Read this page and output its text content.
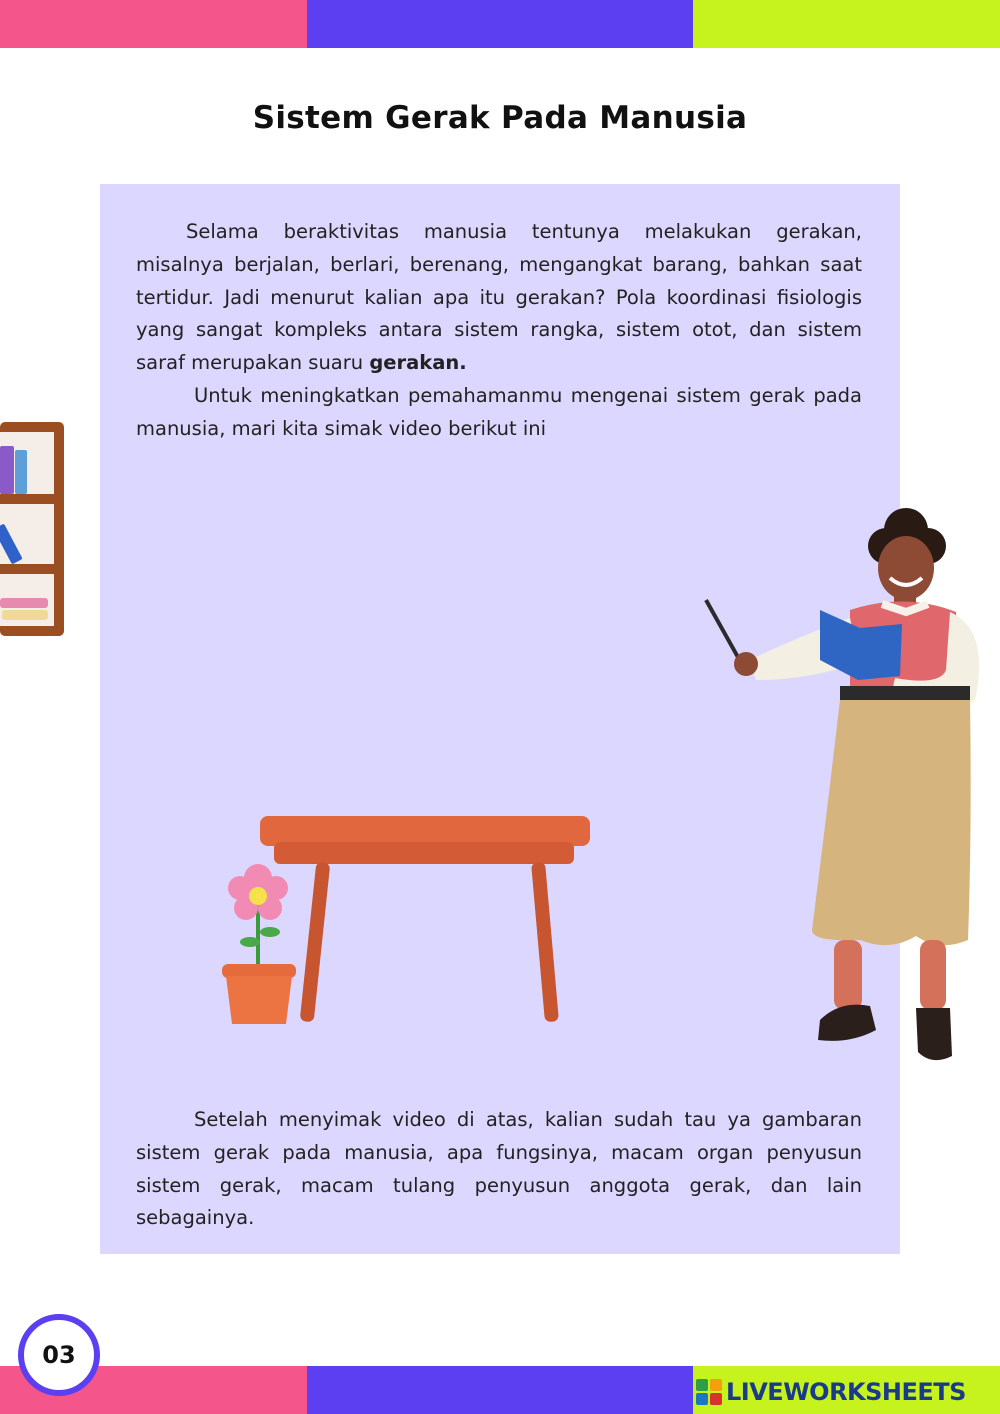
Sistem Gerak Pada Manusia

Selama beraktivitas manusia tentunya melakukan gerakan, misalnya berjalan, berlari, berenang, mengangkat barang, bahkan saat tertidur. Jadi menurut kalian apa itu gerakan? Pola koordinasi fisiologis yang sangat kompleks antara sistem rangka, sistem otot, dan sistem saraf merupakan suaru gerakan.

Untuk meningkatkan pemahamanmu mengenai sistem gerak pada manusia, mari kita simak video berikut ini

Setelah menyimak video di atas, kalian sudah tau ya gambaran sistem gerak pada manusia, apa fungsinya, macam organ penyusun sistem gerak, macam tulang penyusun anggota gerak, dan lain sebagainya.

03
LIVEWORKSHEETS
